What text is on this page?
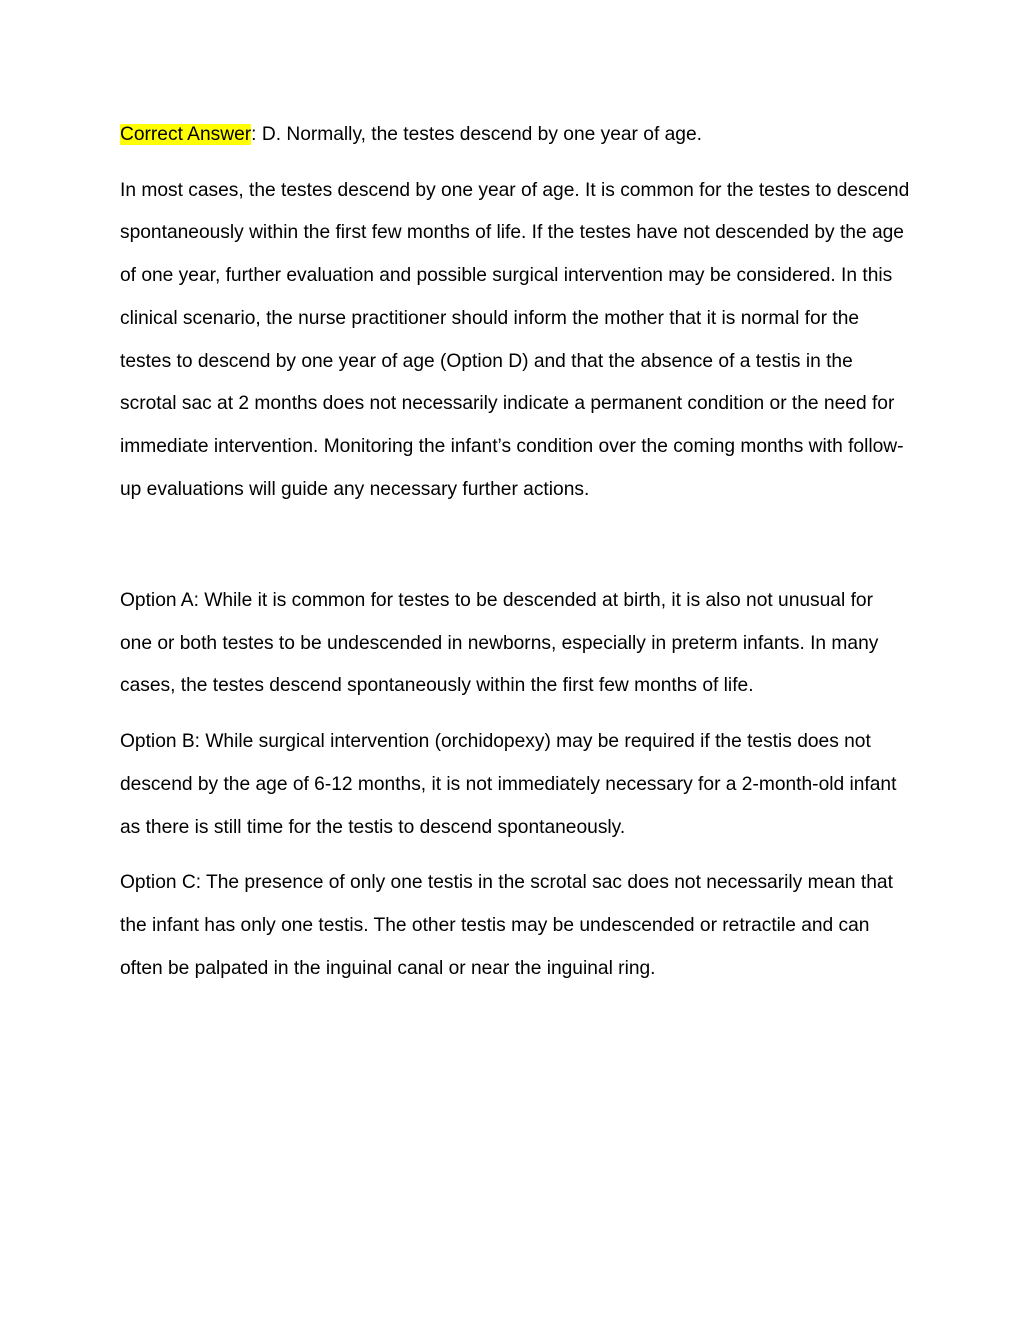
Correct Answer: D. Normally, the testes descend by one year of age.

In most cases, the testes descend by one year of age. It is common for the testes to descend spontaneously within the first few months of life. If the testes have not descended by the age of one year, further evaluation and possible surgical intervention may be considered. In this clinical scenario, the nurse practitioner should inform the mother that it is normal for the testes to descend by one year of age (Option D) and that the absence of a testis in the scrotal sac at 2 months does not necessarily indicate a permanent condition or the need for immediate intervention. Monitoring the infant’s condition over the coming months with follow-up evaluations will guide any necessary further actions.

Option A: While it is common for testes to be descended at birth, it is also not unusual for one or both testes to be undescended in newborns, especially in preterm infants. In many cases, the testes descend spontaneously within the first few months of life.

Option B: While surgical intervention (orchidopexy) may be required if the testis does not descend by the age of 6-12 months, it is not immediately necessary for a 2-month-old infant as there is still time for the testis to descend spontaneously.

Option C: The presence of only one testis in the scrotal sac does not necessarily mean that the infant has only one testis. The other testis may be undescended or retractile and can often be palpated in the inguinal canal or near the inguinal ring.
